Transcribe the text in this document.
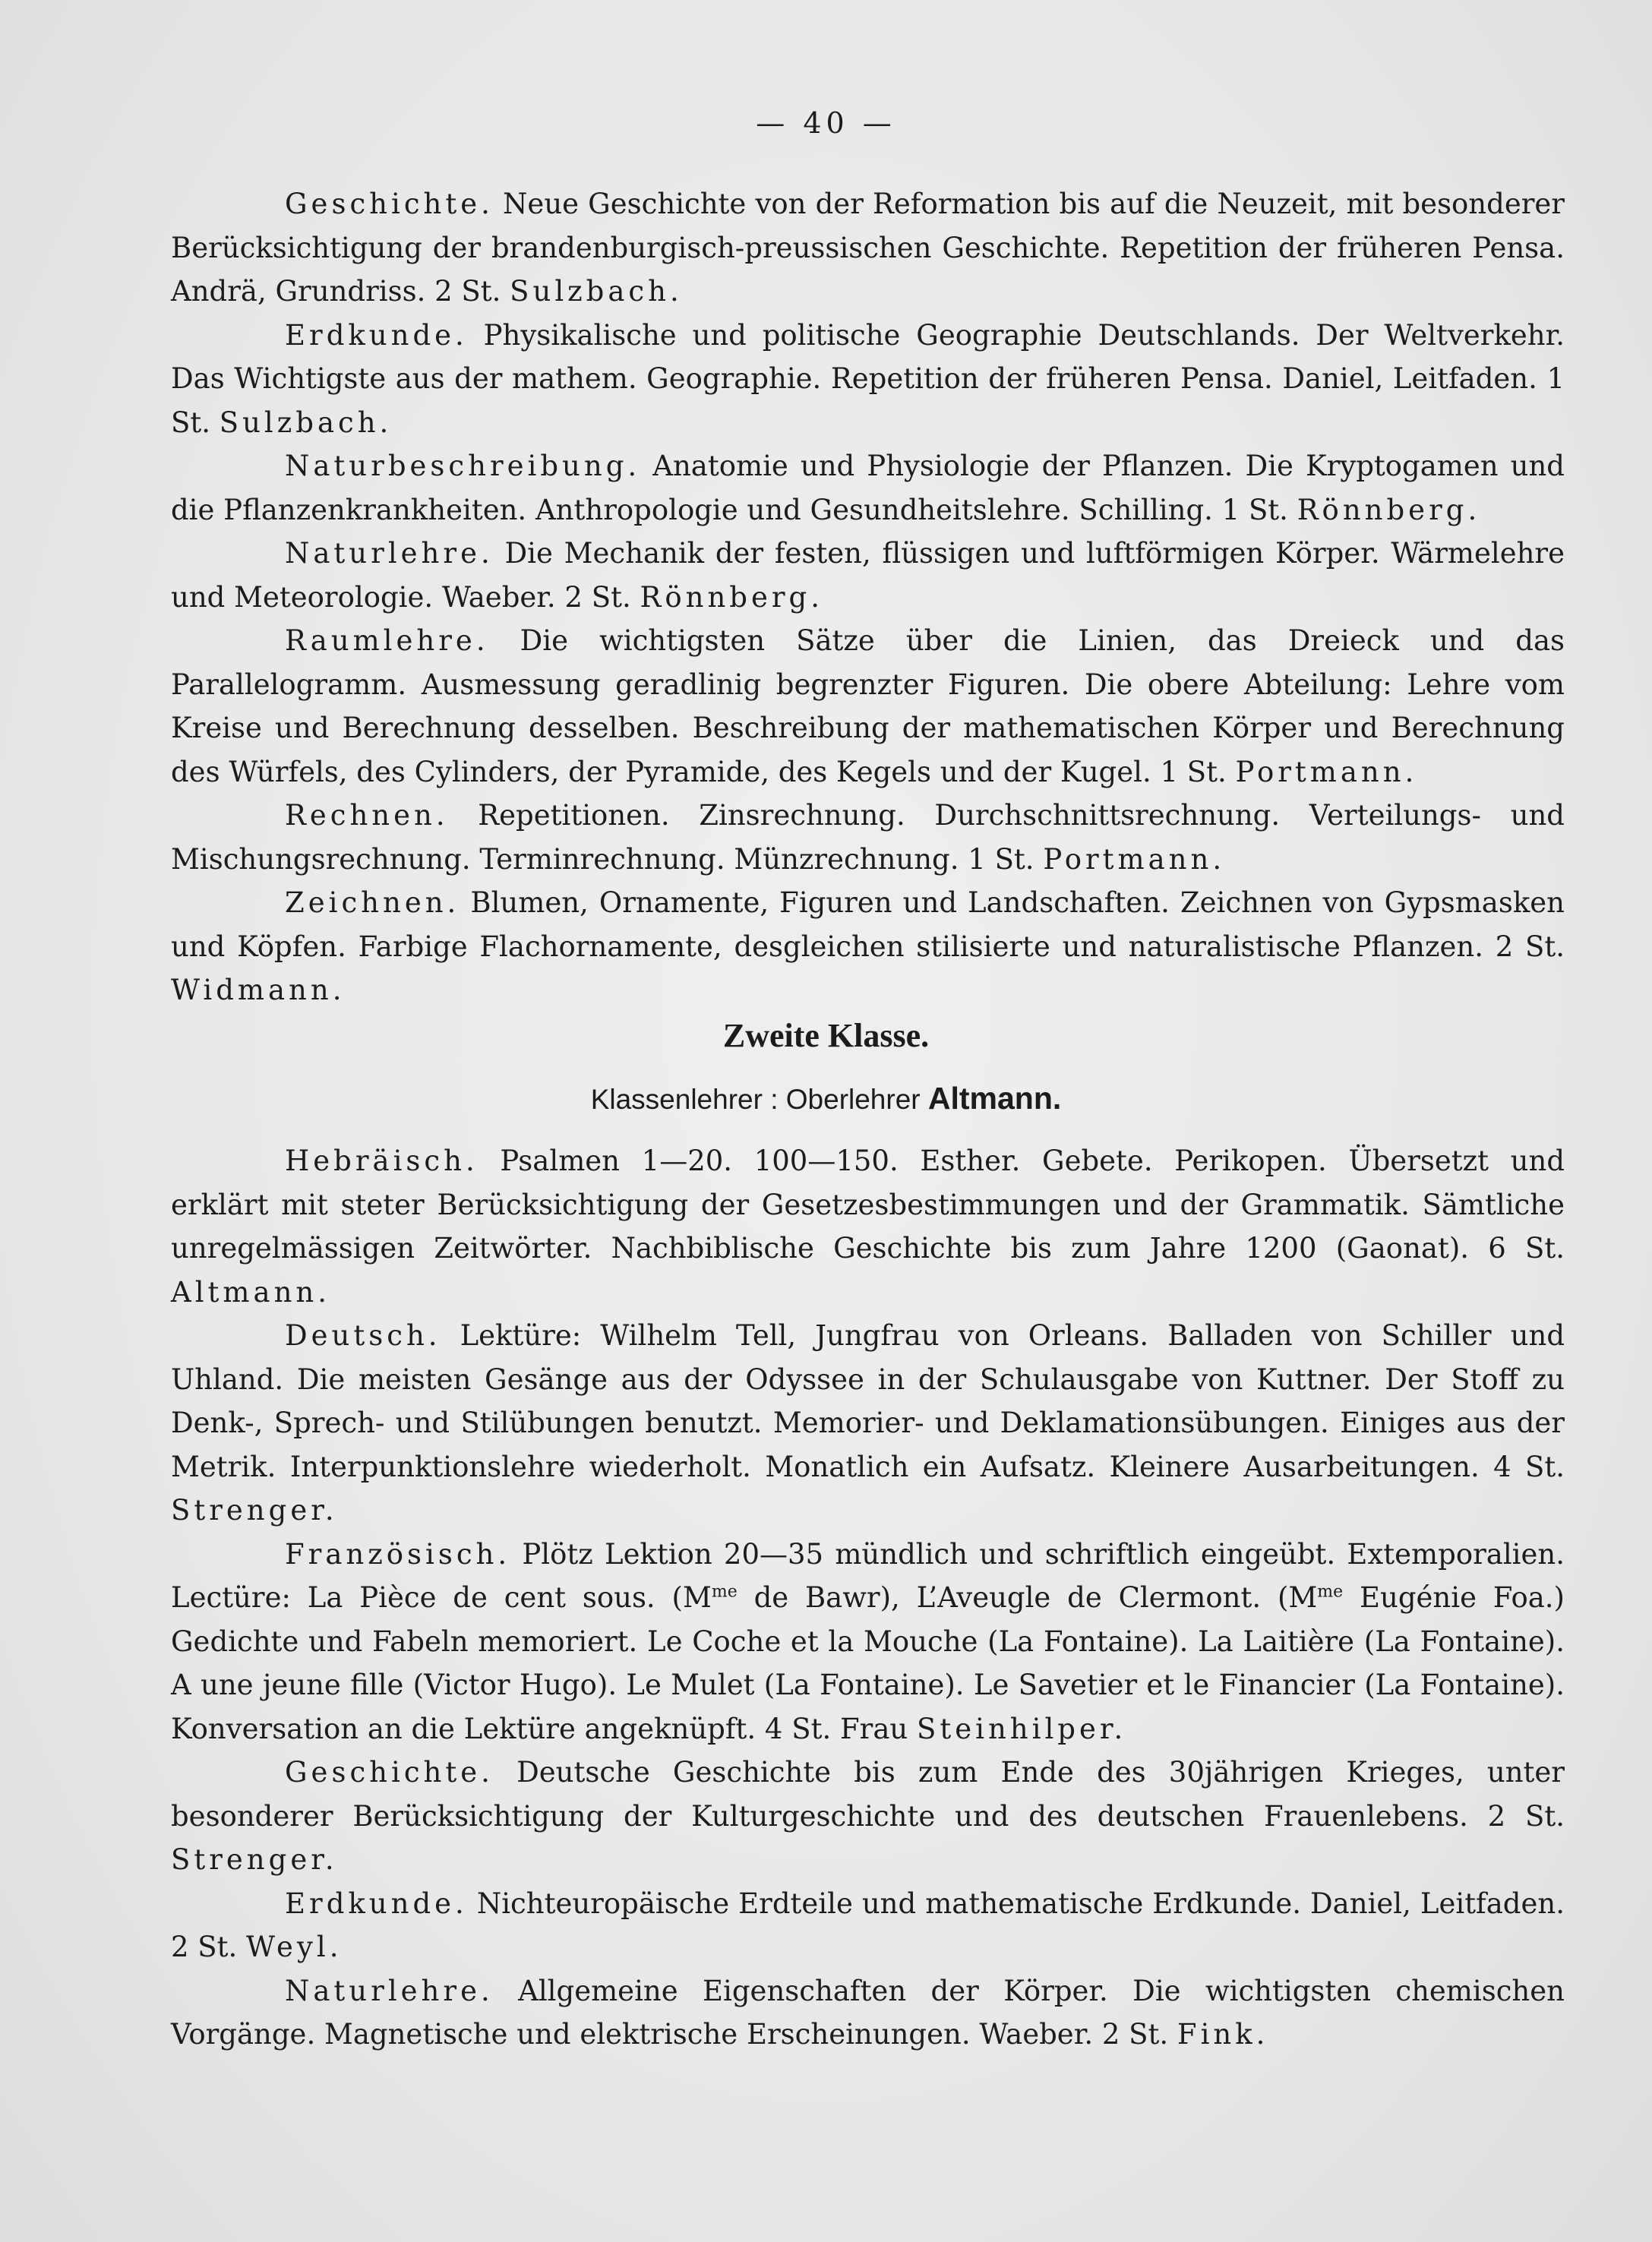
— 40 —

Geschichte. Neue Geschichte von der Reformation bis auf die Neuzeit, mit besonderer Berücksichtigung der brandenburgisch-preussischen Geschichte. Repetition der früheren Pensa. Andrä, Grundriss. 2 St. Sulzbach.

Erdkunde. Physikalische und politische Geographie Deutschlands. Der Weltverkehr. Das Wichtigste aus der mathem. Geographie. Repetition der früheren Pensa. Daniel, Leitfaden. 1 St. Sulzbach.

Naturbeschreibung. Anatomie und Physiologie der Pflanzen. Die Kryptogamen und die Pflanzenkrankheiten. Anthropologie und Gesundheitslehre. Schilling. 1 St. Rönnberg.

Naturlehre. Die Mechanik der festen, flüssigen und luftförmigen Körper. Wärmelehre und Meteorologie. Waeber. 2 St. Rönnberg.

Raumlehre. Die wichtigsten Sätze über die Linien, das Dreieck und das Parallelogramm. Ausmessung geradlinig begrenzter Figuren. Die obere Abteilung: Lehre vom Kreise und Berechnung desselben. Beschreibung der mathematischen Körper und Berechnung des Würfels, des Cylinders, der Pyramide, des Kegels und der Kugel. 1 St. Portmann.

Rechnen. Repetitionen. Zinsrechnung. Durchschnittsrechnung. Verteilungs- und Mischungsrechnung. Terminrechnung. Münzrechnung. 1 St. Portmann.

Zeichnen. Blumen, Ornamente, Figuren und Landschaften. Zeichnen von Gypsmasken und Köpfen. Farbige Flachornamente, desgleichen stilisierte und naturalistische Pflanzen. 2 St. Widmann.

Zweite Klasse.
Klassenlehrer : Oberlehrer Altmann.

Hebräisch. Psalmen 1—20. 100—150. Esther. Gebete. Perikopen. Übersetzt und erklärt mit steter Berücksichtigung der Gesetzesbestimmungen und der Grammatik. Sämtliche unregelmässigen Zeitwörter. Nachbiblische Geschichte bis zum Jahre 1200 (Gaonat). 6 St. Altmann.

Deutsch. Lektüre: Wilhelm Tell, Jungfrau von Orleans. Balladen von Schiller und Uhland. Die meisten Gesänge aus der Odyssee in der Schulausgabe von Kuttner. Der Stoff zu Denk-, Sprech- und Stilübungen benutzt. Memorier- und Deklamationsübungen. Einiges aus der Metrik. Interpunktionslehre wiederholt. Monatlich ein Aufsatz. Kleinere Ausarbeitungen. 4 St. Strenger.

Französisch. Plötz Lektion 20—35 mündlich und schriftlich eingeübt. Extemporalien. Lectüre: La Pièce de cent sous. ($M^{me}$ de Bawr), L’Aveugle de Clermont. ($M^{me}$ Eugénie Foa.) Gedichte und Fabeln memoriert. Le Coche et la Mouche (La Fontaine). La Laitière (La Fontaine). A une jeune fille (Victor Hugo). Le Mulet (La Fontaine). Le Savetier et le Financier (La Fontaine). Konversation an die Lektüre angeknüpft. 4 St. Frau Steinhilper.

Geschichte. Deutsche Geschichte bis zum Ende des 30jährigen Krieges, unter besonderer Berücksichtigung der Kulturgeschichte und des deutschen Frauenlebens. 2 St. Strenger.

Erdkunde. Nichteuropäische Erdteile und mathematische Erdkunde. Daniel, Leitfaden. 2 St. Weyl.

Naturlehre. Allgemeine Eigenschaften der Körper. Die wichtigsten chemischen Vorgänge. Magnetische und elektrische Erscheinungen. Waeber. 2 St. Fink.
